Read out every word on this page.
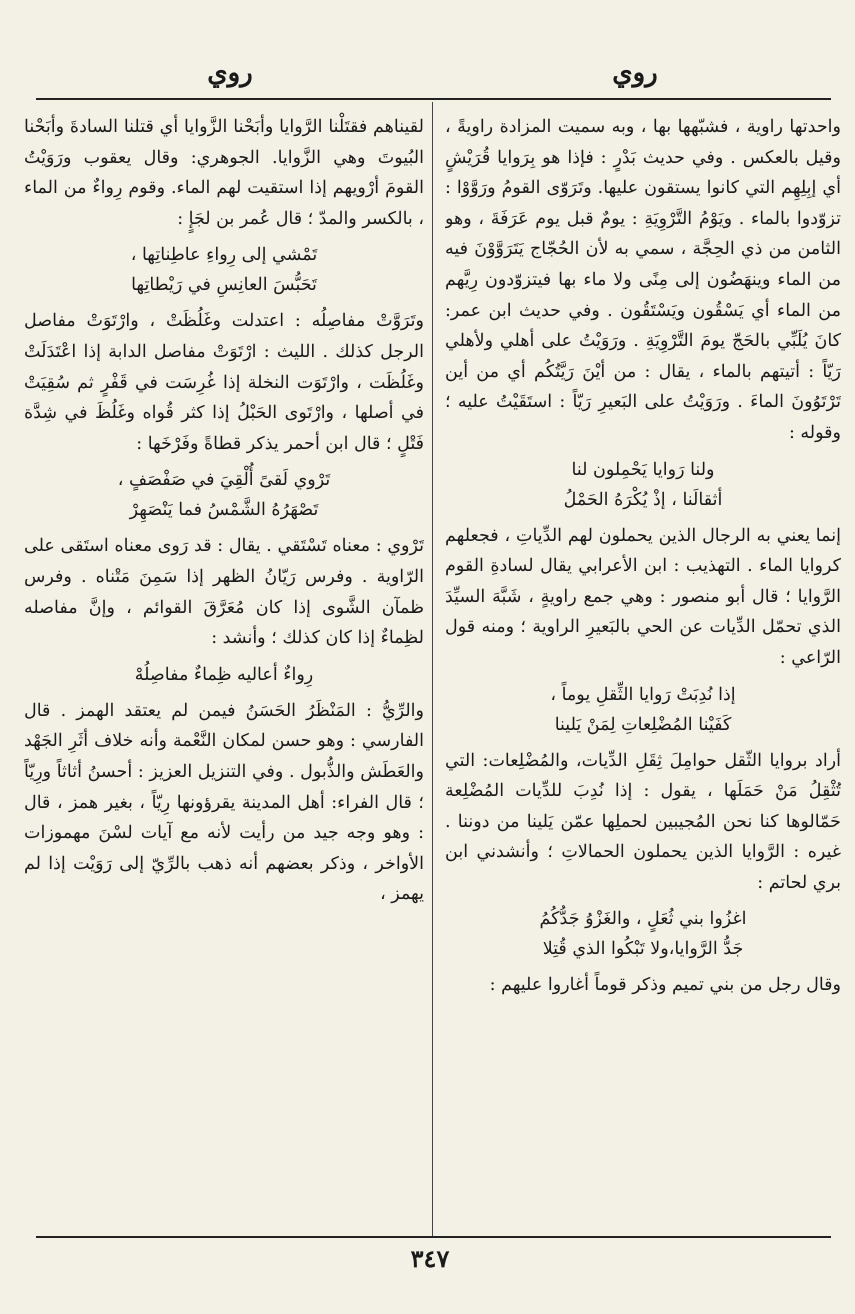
روي
روي

واحدتها راوية ، فشبّهها بها ، وبه سميت المزادة راويةً ، وقيل بالعكس . وفي حديث بَدْرٍ : فإذا هو بِرَوايا قُرَيْشٍ أي إبِلِهِم التي كانوا يستقون عليها. وتَرَوّى القومُ ورَوَّوْا : تزوّدوا بالماء . ويَوْمُ التَّرْوِيَةِ : يومٌ قبل يوم عَرَفَةَ ، وهو الثامن من ذي الحِجَّة ، سمي به لأن الحُجّاج يَتَرَوَّوْنَ فيه من الماء وينهَضُون إلى مِنًى ولا ماء بها فيتزوّدون رِيَّهم من الماء أي يَسْقُون ويَسْتَقُون . وفي حديث ابن عمر: كانَ يُلَبِّي بالحَجّ يومَ التَّرْوِيَةِ . ورَوَيْتُ على أهلي ولأهلي رَيّاً : أتيتهم بالماء ، يقال : من أيْنَ رَيَّتُكُم أي من أين تَرْتَوُونَ الماءَ . ورَوَيْتُ على البَعيرِ رَيّاً : استَقَيْتُ عليه ؛ وقوله :

ولنا رَوايا يَحْمِلون لنا
أثقالَنا ، إذْ يُكْرَهُ الحَمْلُ

إنما يعني به الرجال الذين يحملون لهم الدِّياتِ ، فجعلهم كروايا الماء . التهذيب : ابن الأعرابي يقال لسادةِ القوم الرَّوايا ؛ قال أبو منصور : وهي جمع راويةٍ ، شَبَّهَ السيِّدَ الذي تحمّل الدِّيات عن الحي بالبَعيرِ الراوية ؛ ومنه قول الرّاعي :

إذا نُدِبَتْ رَوايا الثِّقلِ يوماً ،
كَفَيْنا المُضْلِعاتِ لِمَنْ يَلينا

أراد بروايا الثّقل حوامِلَ ثِقَلِ الدِّيات، والمُضْلِعات: التي تُثْقِلُ مَنْ حَمَلَها ، يقول : إذا نُدِبَ للدِّيات المُضْلِعة حَمّالوها كنا نحن المُجيبين لحملِها عمّن يَلينا من دوننا . غيره : الرَّوايا الذين يحملون الحمالاتِ ؛ وأنشدني ابن بري لحاتم :

اغزُوا بني ثُعَلٍ ، والغَزْوُ جَدُّكُمُ
جَدُّ الرَّوايا،ولا تَبْكُوا الذي قُتِلا

وقال رجل من بني تميم وذكر قوماً أغاروا عليهم :

لقيناهم فقتَلْنا الرَّوايا وأبَحْنا الزَّوايا أي قتلنا السادةَ وأبَحْنا البُيوتَ وهي الزَّوايا. الجوهري: وقال يعقوب ورَوَيْتُ القومَ أرْويهم إذا استقيت لهم الماء. وقوم رِواءٌ من الماء ، بالكسر والمدّ ؛ قال عُمر بن لجَإٍ :

تَمْشي إلى رِواءِ عاطِناتِها ،
تَحَبُّسَ العانِسِ في رَيْطاتِها

وتَرَوَّتْ مفاصِلُه : اعتدلت وغَلُظَتْ ، وارْتَوَتْ مفاصل الرجل كذلك . الليث : ارْتَوَتْ مفاصل الدابة إذا اعْتَدَلَتْ وغَلُظَت ، وارْتَوَت النخلة إذا غُرِسَت في قَفْرٍ ثم سُقِيَتْ في أصلها ، وارْتَوى الحَبْلُ إذا كثر قُواه وغَلُظَ في شِدَّة فَتْلٍ ؛ قال ابن أحمر يذكر قطاةً وفَرْخَها :

تَرْوي لَقىً أُلْقِيَ في صَفْصَفٍ ،
تَصْهَرُهُ الشَّمْسُ فما يَنْصَهِرْ

تَرْوي : معناه تَسْتَقي . يقال : قد رَوى معناه استَقى على الرّاوية . وفرس رَيّانُ الظهر إذا سَمِنَ مَتْناه . وفرس ظمآن الشَّوى إذا كان مُعَرَّقَ القوائم ، وإنَّ مفاصله لظِماءٌ إذا كان كذلك ؛ وأنشد :

رِواءٌ أعاليه ظِماءٌ مفاصِلُهْ

والرِّيُّ : المَنْظَرُ الحَسَنُ فيمن لم يعتقد الهمز . قال الفارسي : وهو حسن لمكان النَّعْمة وأنه خلاف أثَرِ الجَهْد والعَطَش والذُّبول . وفي التنزيل العزيز : أحسنُ أثاثاً ورِيّاً ؛ قال الفراء: أهل المدينة يقرؤونها رِيّاً ، بغير همز ، قال : وهو وجه جيد من رأيت لأنه مع آيات لسْنَ مهموزات الأواخر ، وذكر بعضهم أنه ذهب بالرِّيّ إلى رَوَيْت إذا لم يهمز ،

٣٤٧
